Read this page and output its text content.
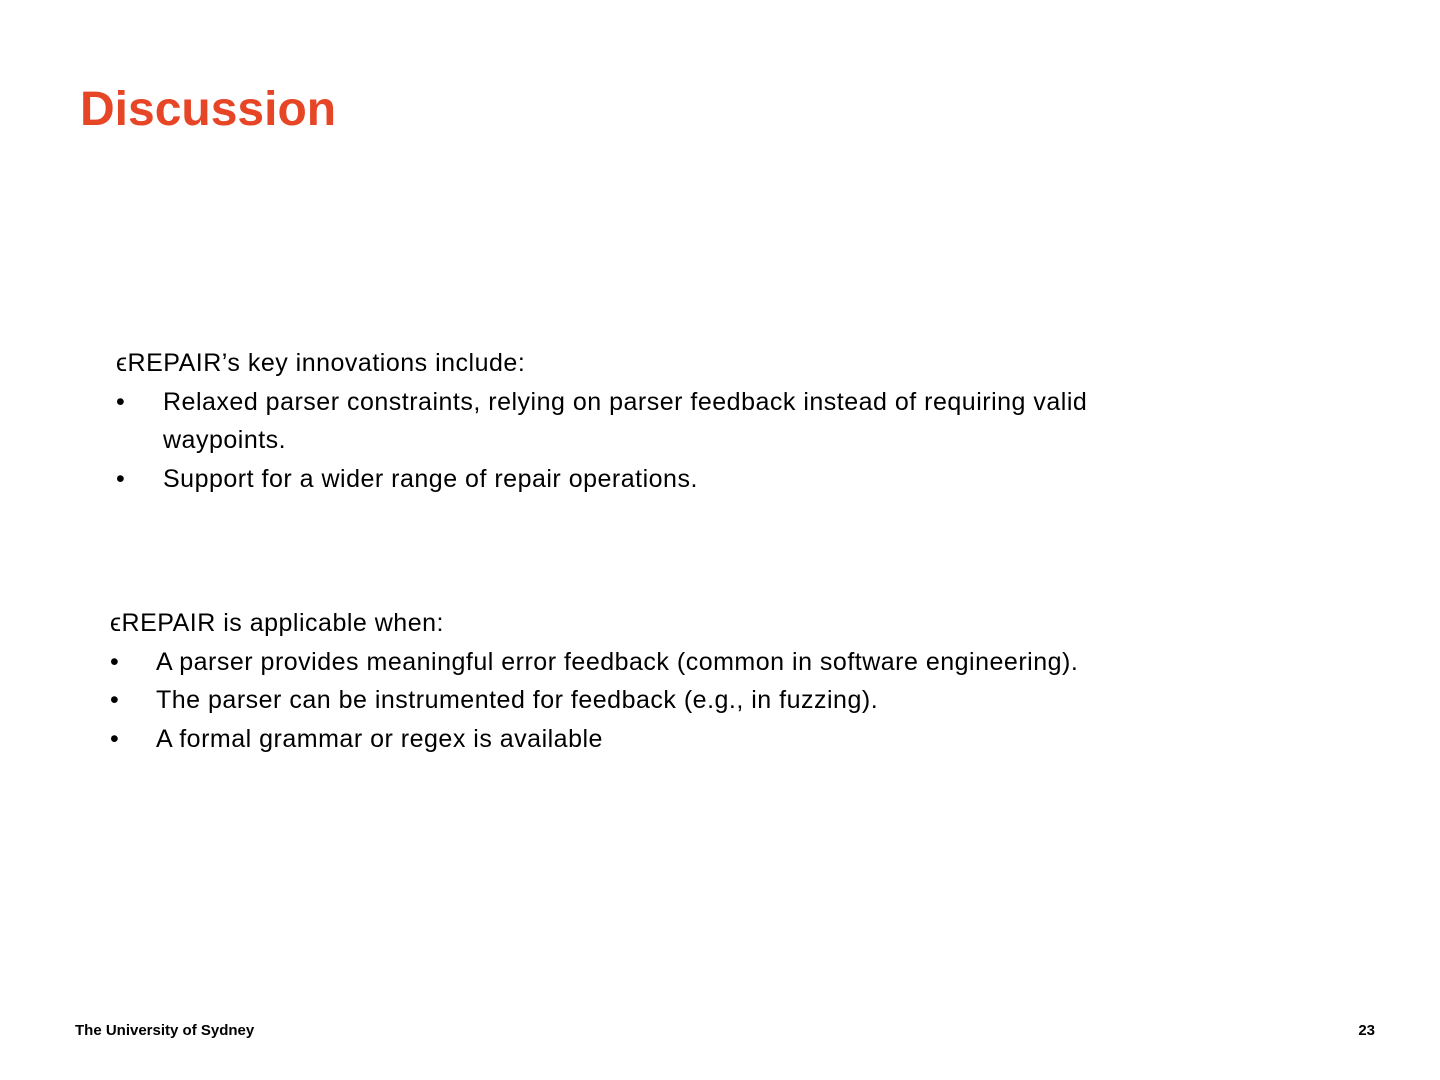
Discussion
ϵREPAIR’s key innovations include:
• Relaxed parser constraints, relying on parser feedback instead of requiring valid waypoints.
• Support for a wider range of repair operations.
ϵREPAIR is applicable when:
• A parser provides meaningful error feedback (common in software engineering).
• The parser can be instrumented for feedback (e.g., in fuzzing).
• A formal grammar or regex is available
The University of Sydney	23
